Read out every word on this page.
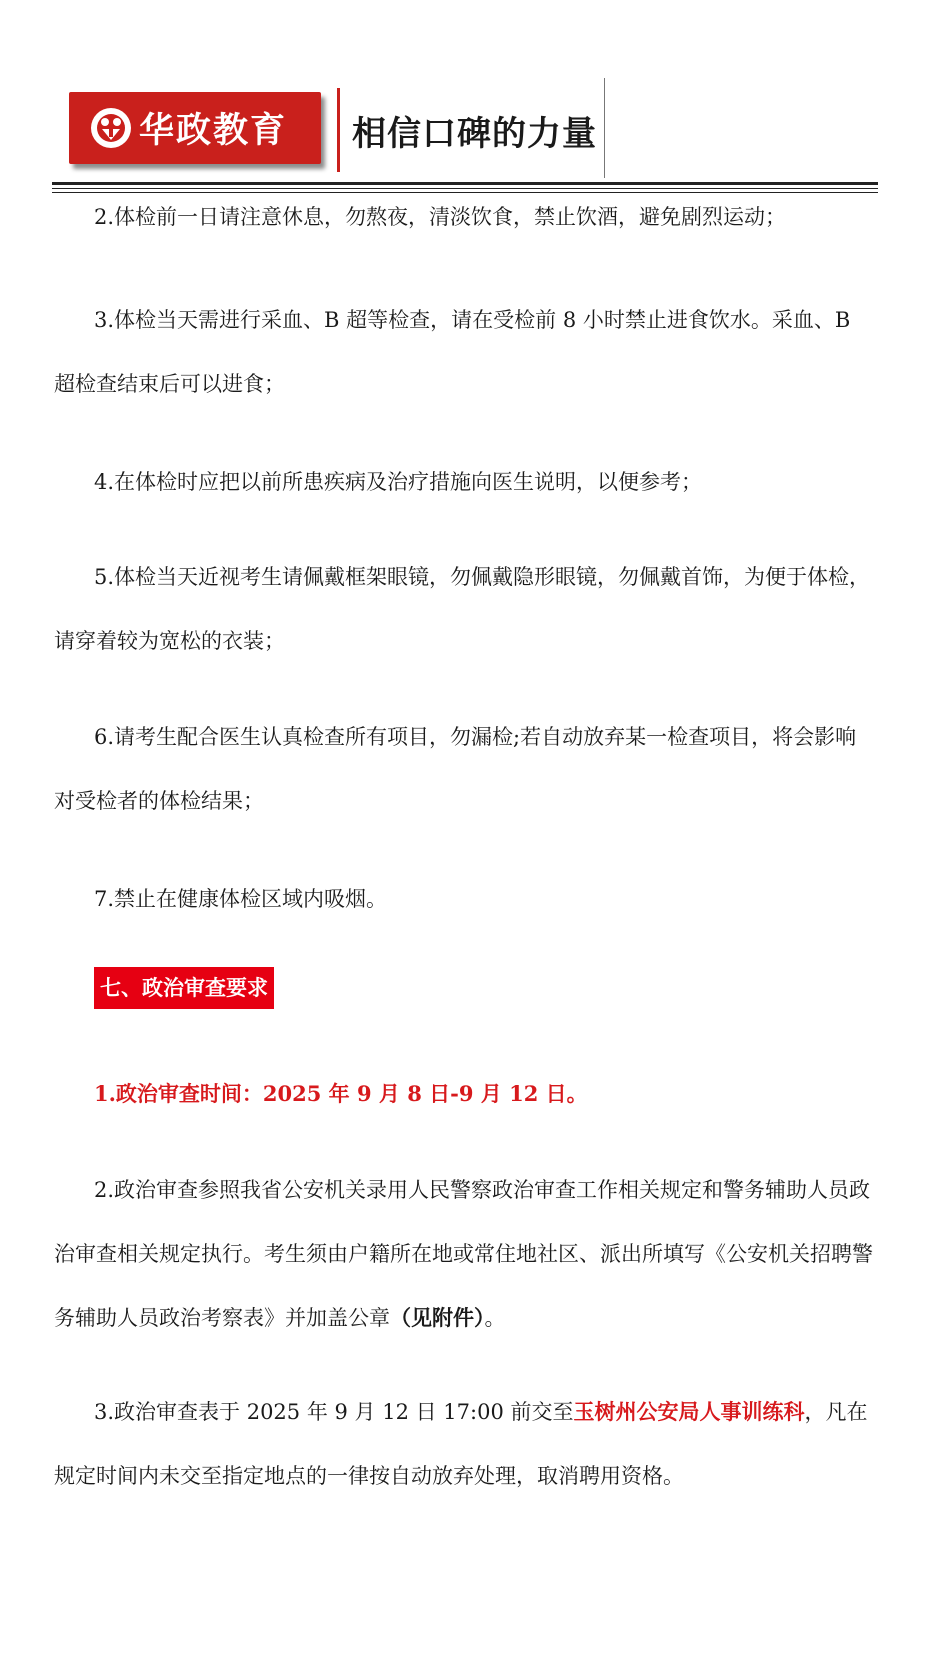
华政教育 相信口碑的力量

2.体检前一日请注意休息，勿熬夜，清淡饮食，禁止饮酒，避免剧烈运动；

3.体检当天需进行采血、B 超等检查，请在受检前 8 小时禁止进食饮水。采血、B 超检查结束后可以进食；

4.在体检时应把以前所患疾病及治疗措施向医生说明，以便参考；

5.体检当天近视考生请佩戴框架眼镜，勿佩戴隐形眼镜，勿佩戴首饰，为便于体检，请穿着较为宽松的衣装；

6.请考生配合医生认真检查所有项目，勿漏检;若自动放弃某一检查项目，将会影响对受检者的体检结果；

7.禁止在健康体检区域内吸烟。

七、政治审查要求

1.政治审查时间：2025 年 9 月 8 日-9 月 12 日。

2.政治审查参照我省公安机关录用人民警察政治审查工作相关规定和警务辅助人员政治审查相关规定执行。考生须由户籍所在地或常住地社区、派出所填写《公安机关招聘警务辅助人员政治考察表》并加盖公章（见附件）。

3.政治审查表于 2025 年 9 月 12 日 17:00 前交至玉树州公安局人事训练科，凡在规定时间内未交至指定地点的一律按自动放弃处理，取消聘用资格。
